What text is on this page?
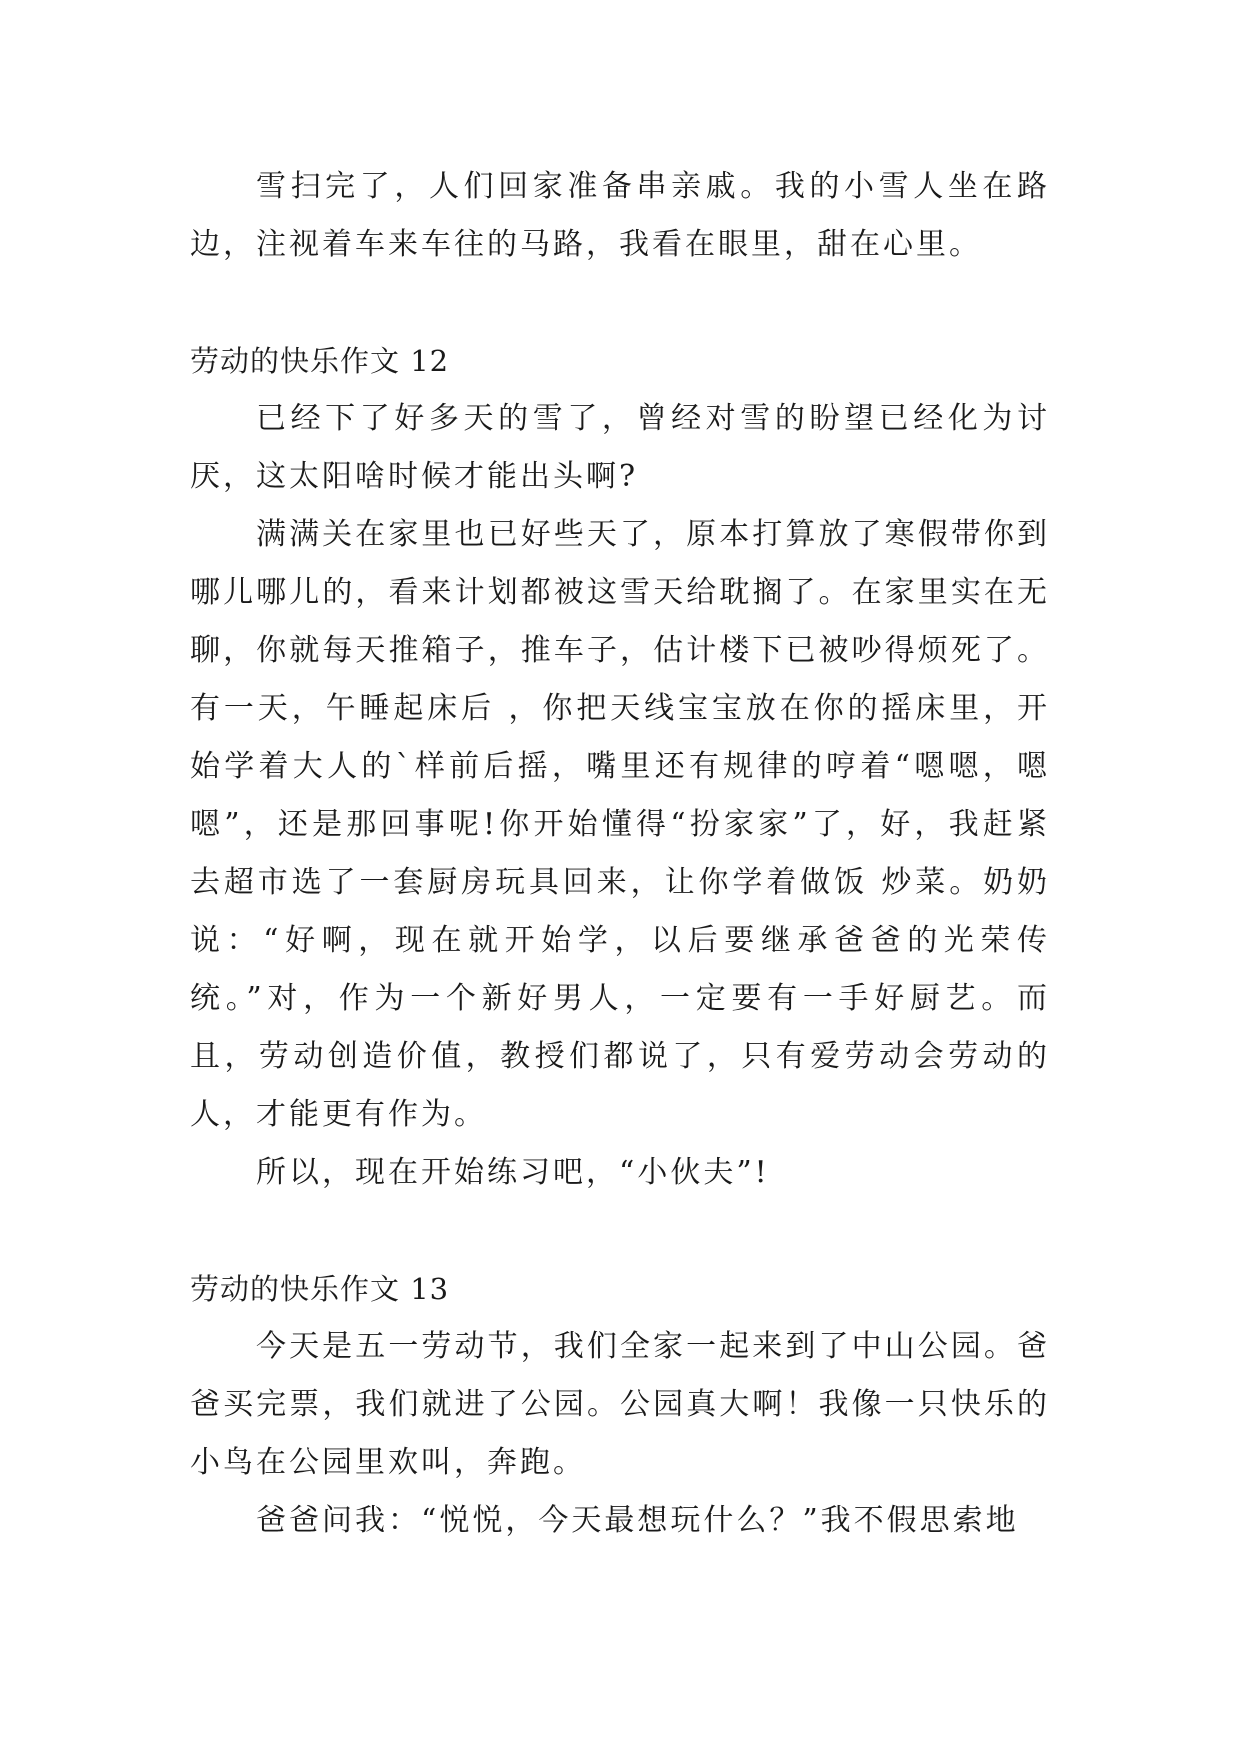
雪扫完了，人们回家准备串亲戚。我的小雪人坐在路边，注视着车来车往的马路，我看在眼里，甜在心里。

劳动的快乐作文 12

已经下了好多天的雪了，曾经对雪的盼望已经化为讨厌，这太阳啥时候才能出头啊?

满满关在家里也已好些天了，原本打算放了寒假带你到哪儿哪儿的，看来计划都被这雪天给耽搁了。在家里实在无聊，你就每天推箱子，推车子，估计楼下已被吵得烦死了。有一天，午睡起床后 ，你把天线宝宝放在你的摇床里，开始学着大人的`样前后摇，嘴里还有规律的哼着“嗯嗯，嗯嗯”，还是那回事呢!你开始懂得“扮家家”了，好，我赶紧去超市选了一套厨房玩具回来，让你学着做饭 炒菜。奶奶说：“好啊，现在就开始学，以后要继承爸爸的光荣传统。”对，作为一个新好男人，一定要有一手好厨艺。而且，劳动创造价值，教授们都说了，只有爱劳动会劳动的人，才能更有作为。

所以，现在开始练习吧，“小伙夫”!

劳动的快乐作文 13

今天是五一劳动节，我们全家一起来到了中山公园。爸爸买完票，我们就进了公园。公园真大啊！我像一只快乐的小鸟在公园里欢叫，奔跑。

爸爸问我：“悦悦，今天最想玩什么？”我不假思索地
